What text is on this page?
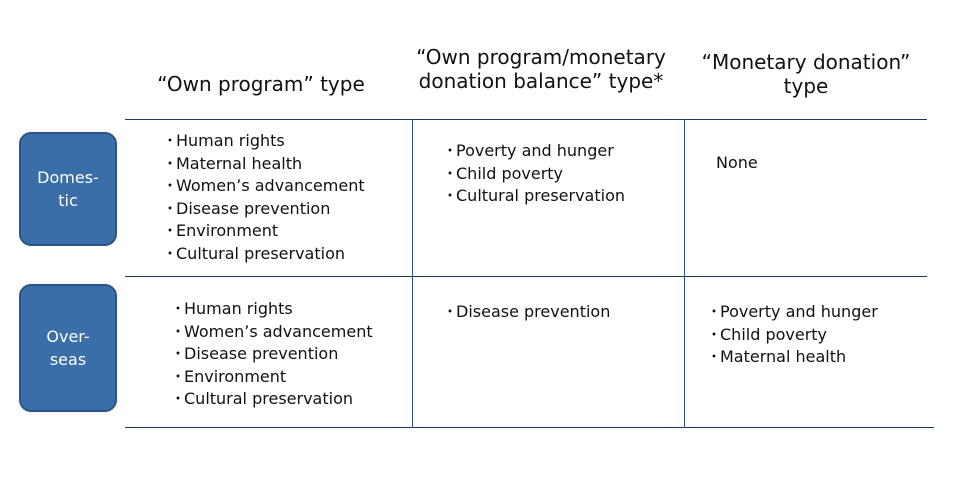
“Own program” type
“Own program/monetary
donation balance” type*
“Monetary donation”
type
Domes-
tic
Over-
seas
・ Human rights
・ Maternal health
・ Women’s advancement
・ Disease prevention
・ Environment
・ Cultural preservation
・ Poverty and hunger
・ Child poverty
・ Cultural preservation
None
・ Human rights
・ Women’s advancement
・ Disease prevention
・ Environment
・ Cultural preservation
・ Disease prevention
・	Poverty and hunger
・ Child poverty
・ Maternal health
